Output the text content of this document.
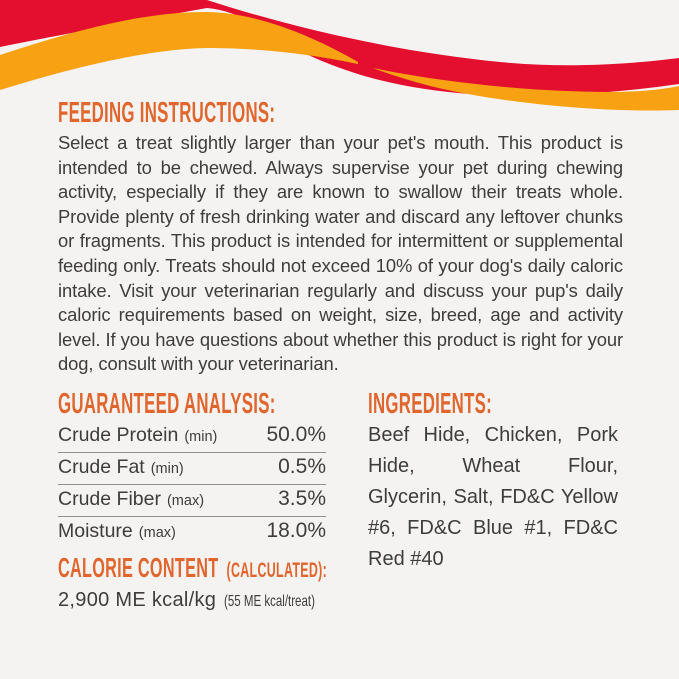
FEEDING INSTRUCTIONS:
Select a treat slightly larger than your pet's mouth. This product is intended to be chewed. Always supervise your pet during chewing activity, especially if they are known to swallow their treats whole. Provide plenty of fresh drinking water and discard any leftover chunks or fragments. This product is intended for intermittent or supplemental feeding only. Treats should not exceed 10% of your dog's daily caloric intake. Visit your veterinarian regularly and discuss your pup's daily caloric requirements based on weight, size, breed, age and activity level. If you have questions about whether this product is right for your dog, consult with your veterinarian.
GUARANTEED ANALYSIS:
Crude Protein (min) 50.0%
Crude Fat (min)	0.5%
Crude Fiber (max)	3.5%
Moisture (max)	18.0%
CALORIE CONTENT (CALCULATED):
2,900 ME kcal/kg (55 ME kcal/treat)
INGREDIENTS:
Beef Hide, Chicken, Pork Hide, Wheat Flour, Glycerin, Salt, FD&C Yellow #6, FD&C Blue #1, FD&C Red #40
